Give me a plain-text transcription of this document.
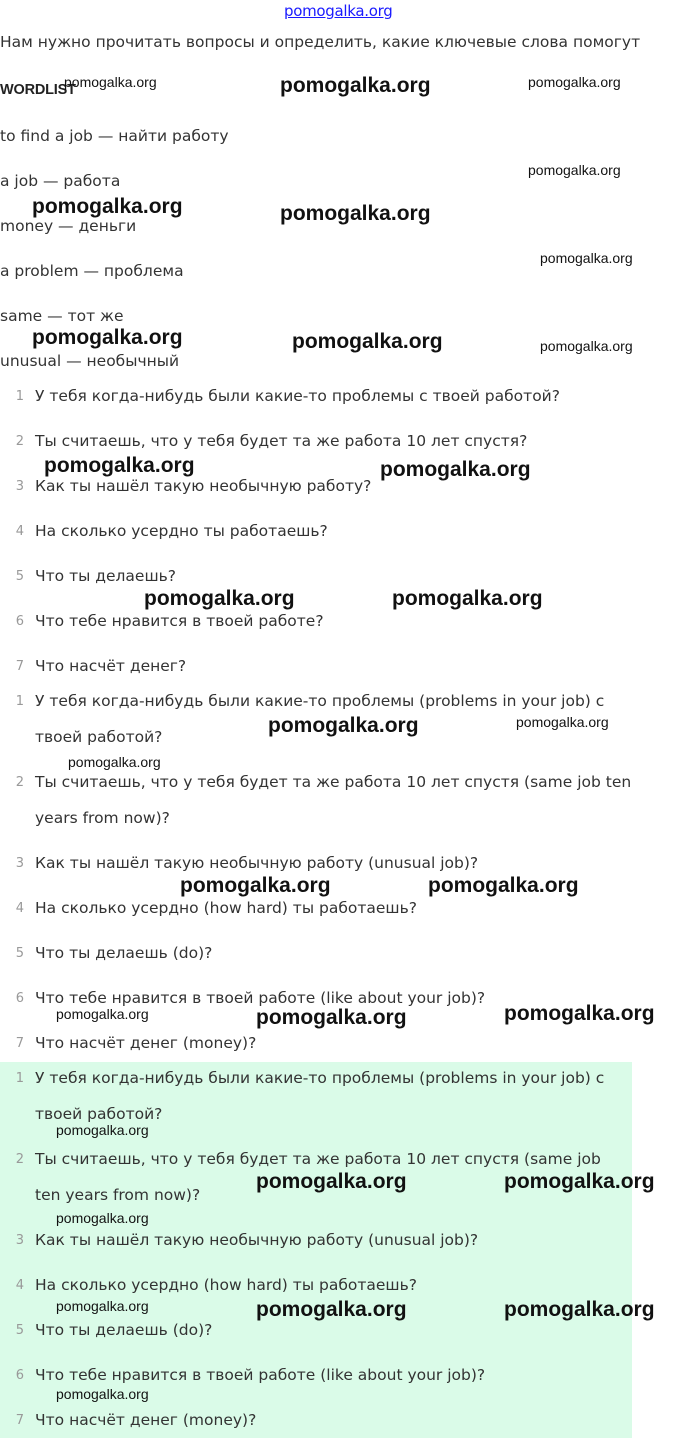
pomogalka.org
Нам нужно прочитать вопросы и определить, какие ключевые слова помогут
WORDLIST
to find a job — найти работу
a job — работа
money — деньги
a problem — проблема
same — тот же
unusual — необычный
1 У тебя когда-нибудь были какие-то проблемы с твоей работой?
2 Ты считаешь, что у тебя будет та же работа 10 лет спустя?
3 Как ты нашёл такую необычную работу?
4 На сколько усердно ты работаешь?
5 Что ты делаешь?
6 Что тебе нравится в твоей работе?
7 Что насчёт денег?
1 У тебя когда-нибудь были какие-то проблемы (problems in your job) с твоей работой?
2 Ты считаешь, что у тебя будет та же работа 10 лет спустя (same job ten years from now)?
3 Как ты нашёл такую необычную работу (unusual job)?
4 На сколько усердно (how hard) ты работаешь?
5 Что ты делаешь (do)?
6 Что тебе нравится в твоей работе (like about your job)?
7 Что насчёт денег (money)?
1 У тебя когда-нибудь были какие-то проблемы (problems in your job) с твоей работой?
2 Ты считаешь, что у тебя будет та же работа 10 лет спустя (same job ten years from now)?
3 Как ты нашёл такую необычную работу (unusual job)?
4 На сколько усердно (how hard) ты работаешь?
5 Что ты делаешь (do)?
6 Что тебе нравится в твоей работе (like about your job)?
7 Что насчёт денег (money)?
pomogalka.org	pomogalka.org	pomogalka.org
pomogalka.org
pomogalka.org	pomogalka.org
pomogalka.org
pomogalka.org	pomogalka.org	pomogalka.org
pomogalka.org	pomogalka.org
pomogalka.org	pomogalka.org
pomogalka.org	pomogalka.org
pomogalka.org
pomogalka.org	pomogalka.org
pomogalka.org	pomogalka.org	pomogalka.org
pomogalka.org
pomogalka.org	pomogalka.org
pomogalka.org
pomogalka.org	pomogalka.org	pomogalka.org
pomogalka.org
